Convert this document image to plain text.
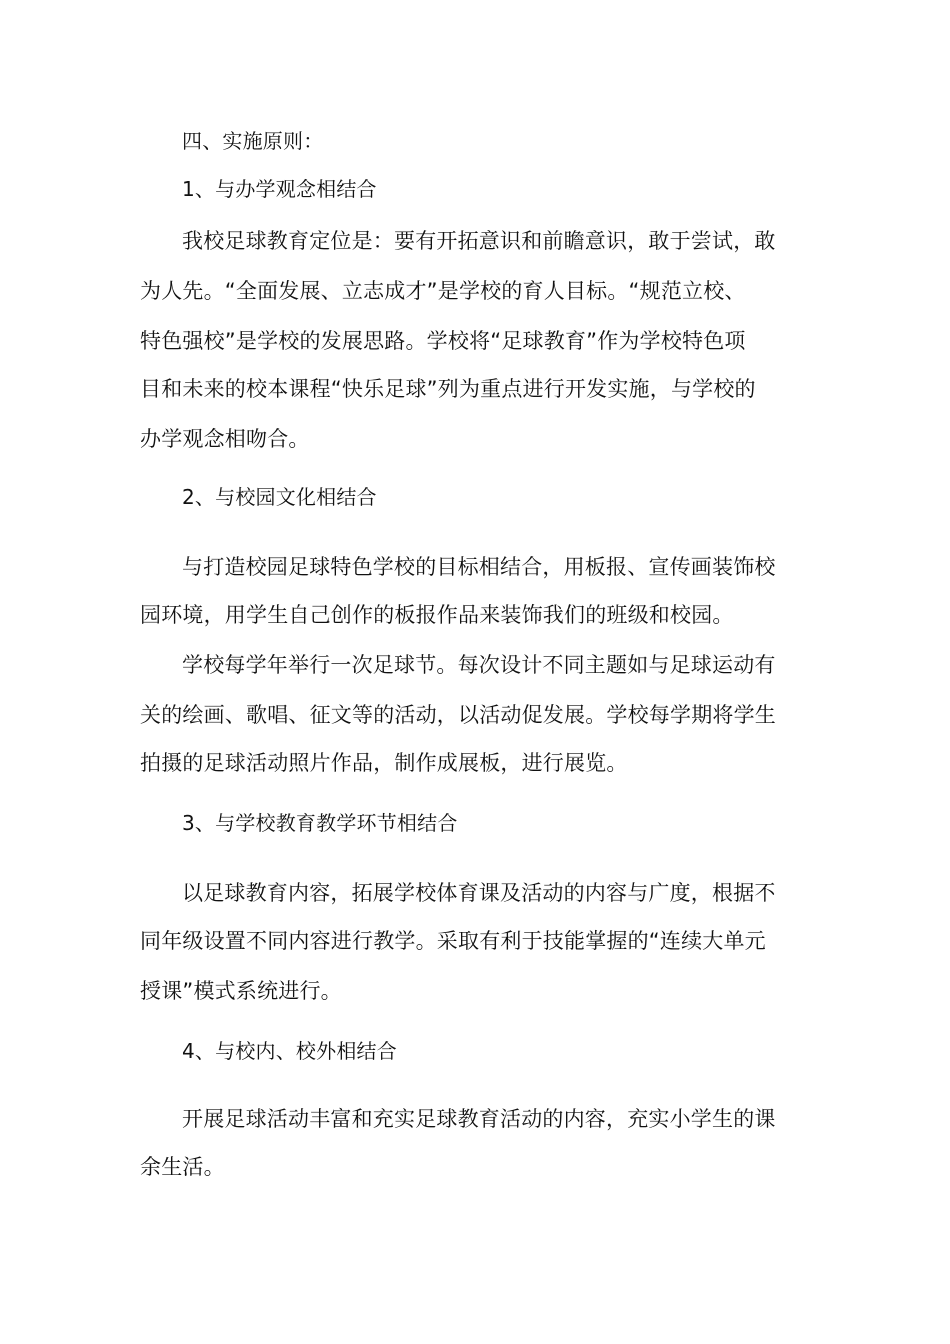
四、实施原则：
1、与办学观念相结合
我校足球教育定位是：要有开拓意识和前瞻意识，敢于尝试，敢
为人先。“全面发展、立志成才”是学校的育人目标。“规范立校、
特色强校”是学校的发展思路。学校将“足球教育”作为学校特色项
目和未来的校本课程“快乐足球”列为重点进行开发实施，与学校的
办学观念相吻合。
2、与校园文化相结合
与打造校园足球特色学校的目标相结合，用板报、宣传画装饰校
园环境，用学生自己创作的板报作品来装饰我们的班级和校园。
学校每学年举行一次足球节。每次设计不同主题如与足球运动有
关的绘画、歌唱、征文等的活动，以活动促发展。学校每学期将学生
拍摄的足球活动照片作品，制作成展板，进行展览。
3、与学校教育教学环节相结合
以足球教育内容，拓展学校体育课及活动的内容与广度，根据不
同年级设置不同内容进行教学。采取有利于技能掌握的“连续大单元
授课”模式系统进行。
4、与校内、校外相结合
开展足球活动丰富和充实足球教育活动的内容，充实小学生的课
余生活。
